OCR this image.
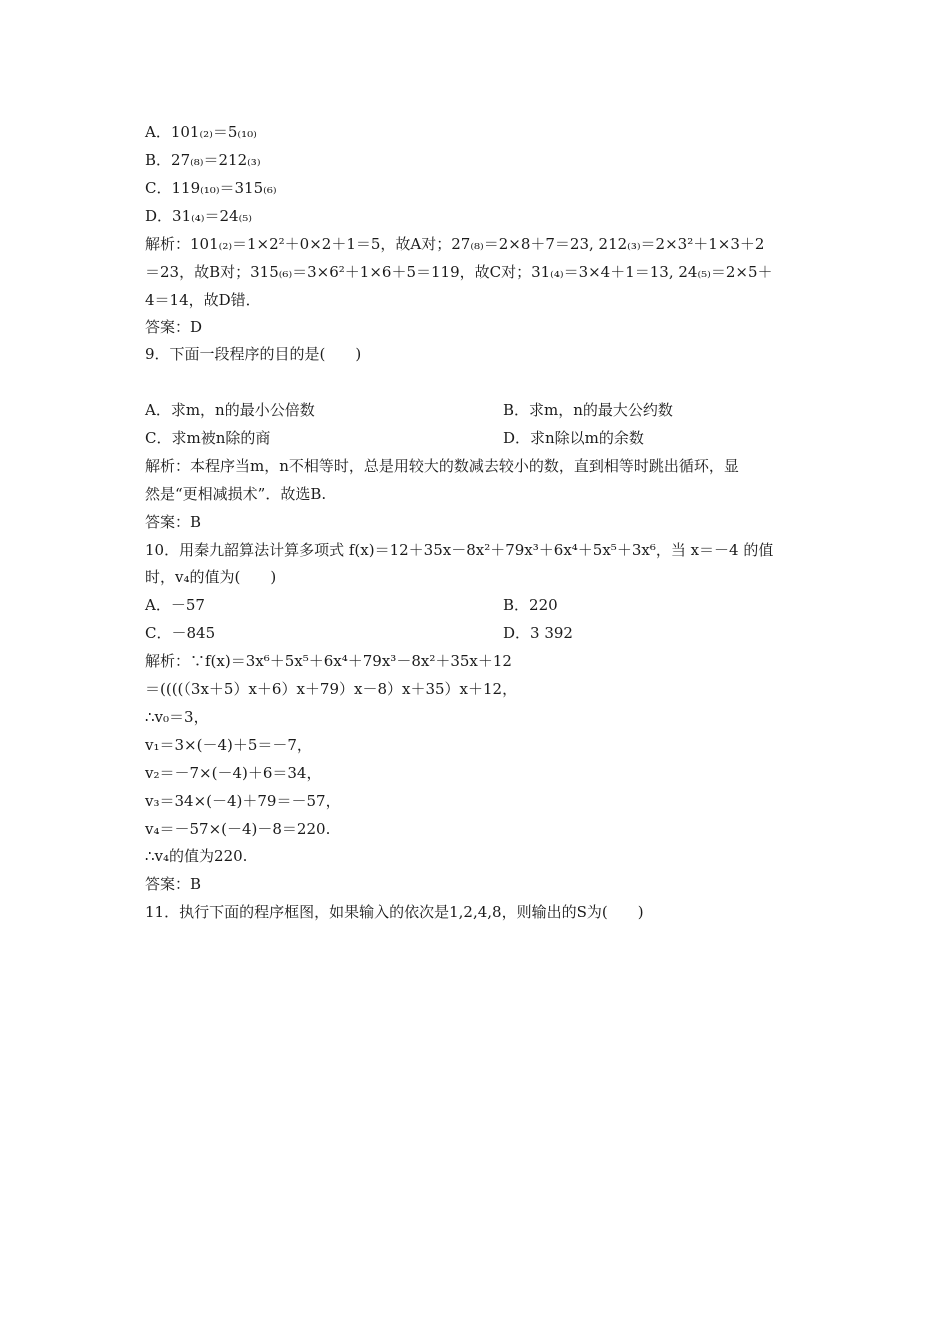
A．101₍₂₎＝5₍₁₀₎
B．27₍₈₎＝212₍₃₎
C．119₍₁₀₎＝315₍₆₎
D．31₍₄₎＝24₍₅₎
解析：101₍₂₎＝1×2²＋0×2＋1＝5，故A对；27₍₈₎＝2×8＋7＝23, 212₍₃₎＝2×3²＋1×3＋2
＝23，故B对；315₍₆₎＝3×6²＋1×6＋5＝119，故C对；31₍₄₎＝3×4＋1＝13, 24₍₅₎＝2×5＋
4＝14，故D错．
答案：D
9．下面一段程序的目的是(　　)
A．求m，n的最小公倍数	B．求m，n的最大公约数
C．求m被n除的商	D．求n除以m的余数
解析：本程序当m，n不相等时，总是用较大的数减去较小的数，直到相等时跳出循环，显
然是“更相减损术”．故选B.
答案：B
10．用秦九韶算法计算多项式 f(x)＝12＋35x－8x²＋79x³＋6x⁴＋5x⁵＋3x⁶，当 x＝－4 的值
时，v₄的值为(　　)
A．－57	B．220
C．－845	D．3 392
解析：∵f(x)＝3x⁶＋5x⁵＋6x⁴＋79x³－8x²＋35x＋12
＝((((（3x＋5）x＋6）x＋79）x－8）x＋35）x＋12，
∴v₀＝3，
v₁＝3×(－4)＋5＝－7，
v₂＝－7×(－4)＋6＝34，
v₃＝34×(－4)＋79＝－57，
v₄＝－57×(－4)－8＝220.
∴v₄的值为220.
答案：B
11．执行下面的程序框图，如果输入的依次是1,2,4,8，则输出的S为(　　)
